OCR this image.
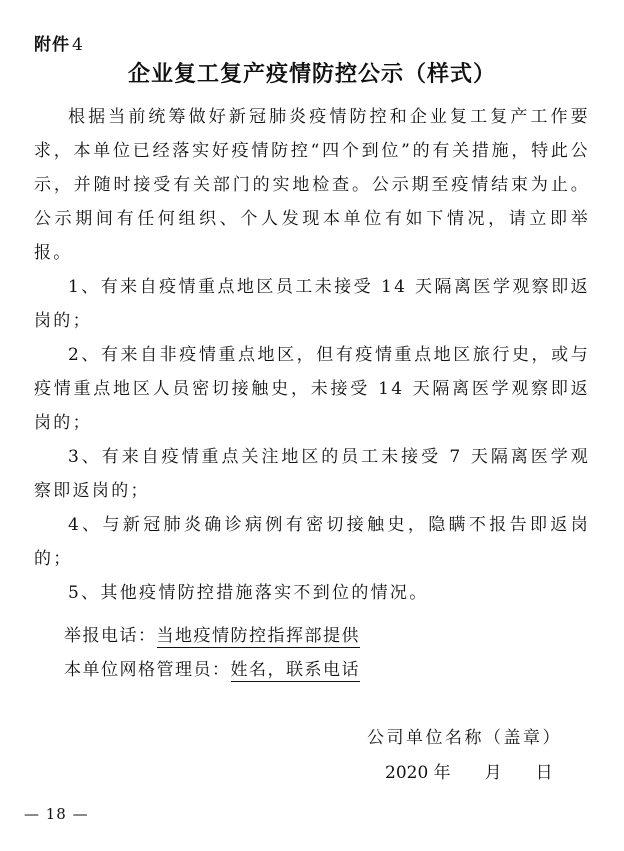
附件 4
企业复工复产疫情防控公示（样式）

根据当前统筹做好新冠肺炎疫情防控和企业复工复产工作要求，本单位已经落实好疫情防控“四个到位”的有关措施，特此公示，并随时接受有关部门的实地检查。公示期至疫情结束为止。公示期间有任何组织、个人发现本单位有如下情况，请立即举报。

1、有来自疫情重点地区员工未接受 14 天隔离医学观察即返岗的；

2、有来自非疫情重点地区，但有疫情重点地区旅行史，或与疫情重点地区人员密切接触史，未接受 14 天隔离医学观察即返岗的；

3、有来自疫情重点关注地区的员工未接受 7 天隔离医学观察即返岗的；

4、与新冠肺炎确诊病例有密切接触史，隐瞒不报告即返岗的；

5、其他疫情防控措施落实不到位的情况。

举报电话：当地疫情防控指挥部提供
本单位网格管理员：姓名，联系电话
公司单位名称（盖章）
2020 年 月 日
— 18 —
